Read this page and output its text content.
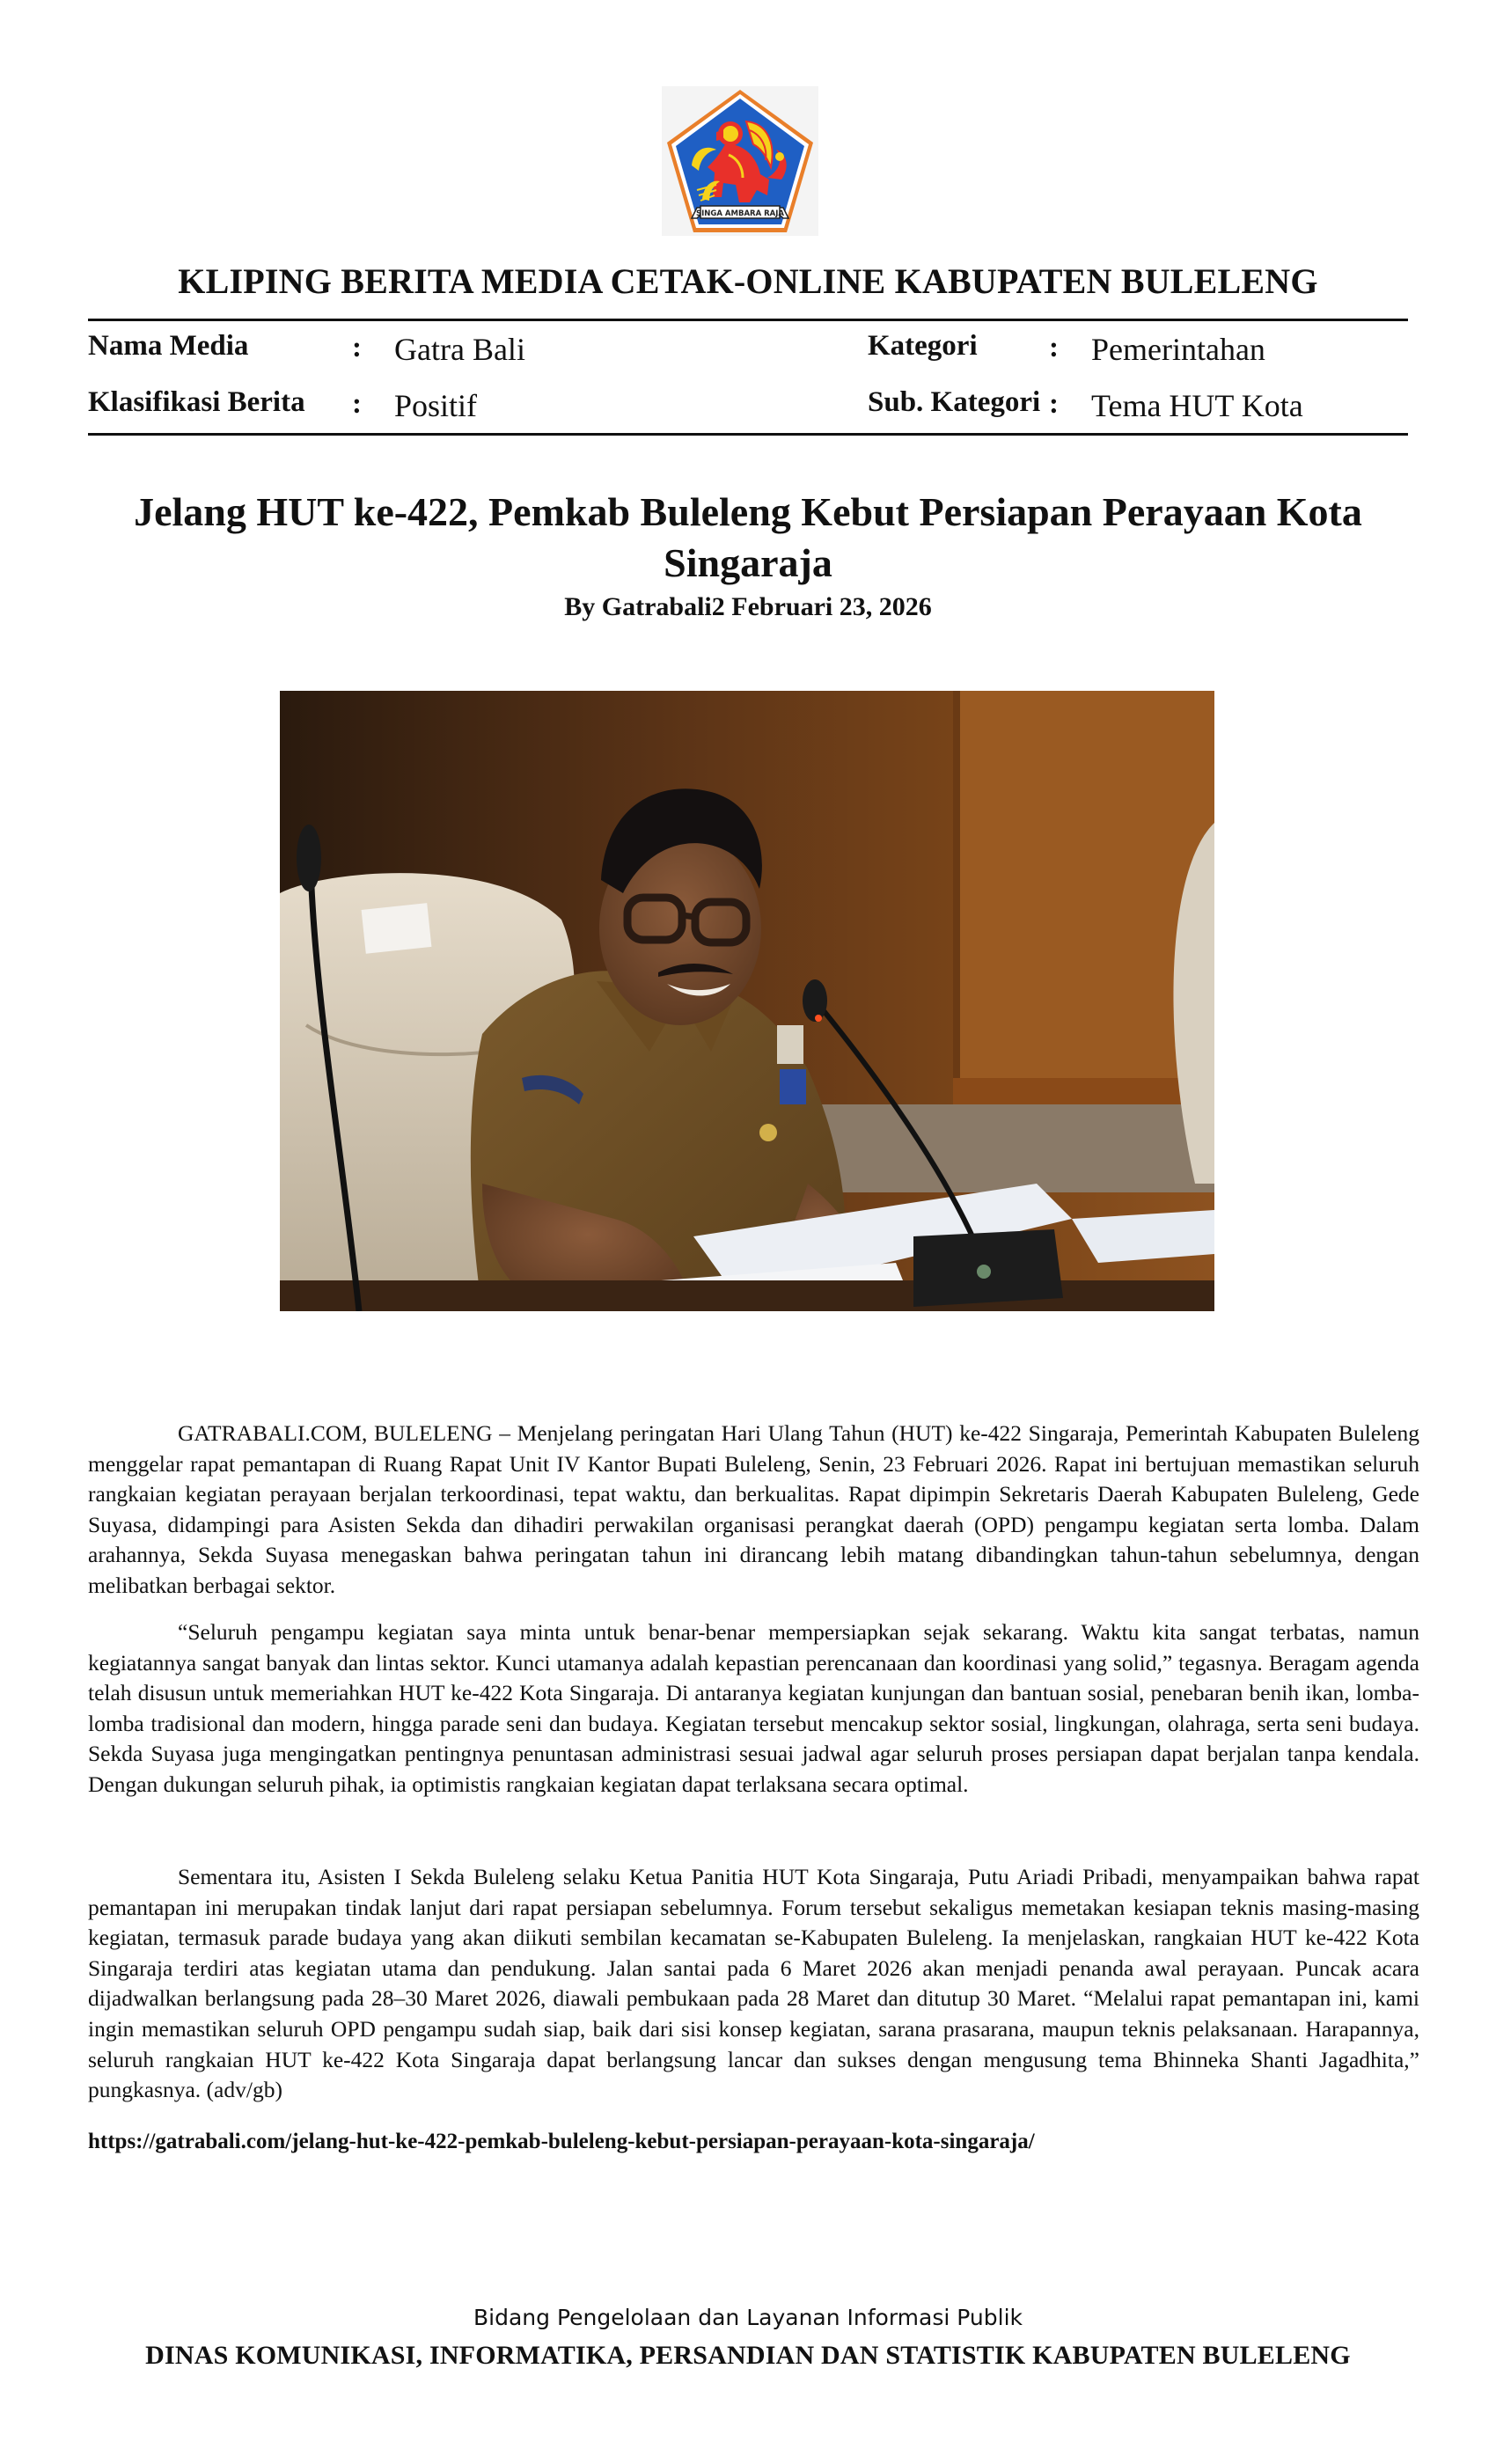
SINGA AMBARA RAJA
KLIPING BERITA MEDIA CETAK-ONLINE KABUPATEN BULELENG
Nama Media	: Gatra Bali
Klasifikasi Berita : Positif
Kategori : Pemerintahan
Sub. Kategori : Tema HUT Kota
Jelang HUT ke-422, Pemkab Buleleng Kebut Persiapan Perayaan Kota Singaraja
By Gatrabali2 Februari 23, 2026

GATRABALI.COM, BULELENG – Menjelang peringatan Hari Ulang Tahun (HUT) ke-422 Singaraja, Pemerintah Kabupaten Buleleng menggelar rapat pemantapan di Ruang Rapat Unit IV Kantor Bupati Buleleng, Senin, 23 Februari 2026. Rapat ini bertujuan memastikan seluruh rangkaian kegiatan perayaan berjalan terkoordinasi, tepat waktu, dan berkualitas. Rapat dipimpin Sekretaris Daerah Kabupaten Buleleng, Gede Suyasa, didampingi para Asisten Sekda dan dihadiri perwakilan organisasi perangkat daerah (OPD) pengampu kegiatan serta lomba. Dalam arahannya, Sekda Suyasa menegaskan bahwa peringatan tahun ini dirancang lebih matang dibandingkan tahun-tahun sebelumnya, dengan melibatkan berbagai sektor.

“Seluruh pengampu kegiatan saya minta untuk benar-benar mempersiapkan sejak sekarang. Waktu kita sangat terbatas, namun kegiatannya sangat banyak dan lintas sektor. Kunci utamanya adalah kepastian perencanaan dan koordinasi yang solid,” tegasnya. Beragam agenda telah disusun untuk memeriahkan HUT ke-422 Kota Singaraja. Di antaranya kegiatan kunjungan dan bantuan sosial, penebaran benih ikan, lomba-lomba tradisional dan modern, hingga parade seni dan budaya. Kegiatan tersebut mencakup sektor sosial, lingkungan, olahraga, serta seni budaya. Sekda Suyasa juga mengingatkan pentingnya penuntasan administrasi sesuai jadwal agar seluruh proses persiapan dapat berjalan tanpa kendala. Dengan dukungan seluruh pihak, ia optimistis rangkaian kegiatan dapat terlaksana secara optimal.

Sementara itu, Asisten I Sekda Buleleng selaku Ketua Panitia HUT Kota Singaraja, Putu Ariadi Pribadi, menyampaikan bahwa rapat pemantapan ini merupakan tindak lanjut dari rapat persiapan sebelumnya. Forum tersebut sekaligus memetakan kesiapan teknis masing-masing kegiatan, termasuk parade budaya yang akan diikuti sembilan kecamatan se-Kabupaten Buleleng. Ia menjelaskan, rangkaian HUT ke-422 Kota Singaraja terdiri atas kegiatan utama dan pendukung. Jalan santai pada 6 Maret 2026 akan menjadi penanda awal perayaan. Puncak acara dijadwalkan berlangsung pada 28–30 Maret 2026, diawali pembukaan pada 28 Maret dan ditutup 30 Maret. “Melalui rapat pemantapan ini, kami ingin memastikan seluruh OPD pengampu sudah siap, baik dari sisi konsep kegiatan, sarana prasarana, maupun teknis pelaksanaan. Harapannya, seluruh rangkaian HUT ke-422 Kota Singaraja dapat berlangsung lancar dan sukses dengan mengusung tema Bhinneka Shanti Jagadhita,” pungkasnya. (adv/gb)

https://gatrabali.com/jelang-hut-ke-422-pemkab-buleleng-kebut-persiapan-perayaan-kota-singaraja/
Bidang Pengelolaan dan Layanan Informasi Publik
DINAS KOMUNIKASI, INFORMATIKA, PERSANDIAN DAN STATISTIK KABUPATEN BULELENG
